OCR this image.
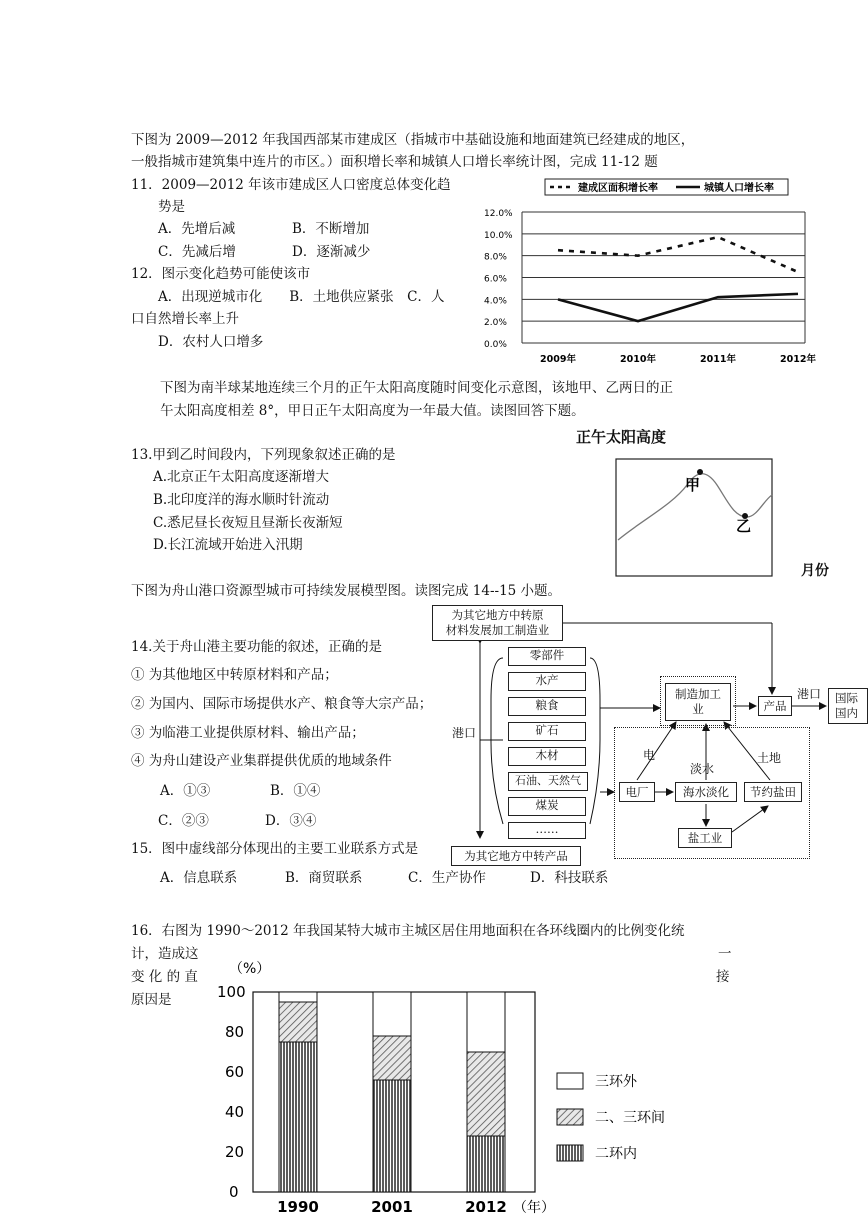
下图为 2009—2012 年我国西部某市建成区（指城市中基础设施和地面建筑已经建成的地区，
一般指城市建筑集中连片的市区。）面积增长率和城镇人口增长率统计图，完成 11-12 题
11．2009—2012 年该市建成区人口密度总体变化趋
势是
A．先增后减	B．不断增加
C．先减后增	D．逐渐减少
12．图示变化趋势可能使该市
A．出现逆城市化　　B．土地供应紧张　C．人
口自然增长率上升
D．农村人口增多
建成区面积增长率	城镇人口增长率
12.0%
10.0%
8.0%
6.0%
4.0%
2.0%
0.0%
2009年	2010年	2011年	2012年
下图为南半球某地连续三个月的正午太阳高度随时间变化示意图，该地甲、乙两日的正
午太阳高度相差 8°，甲日正午太阳高度为一年最大值。读图回答下题。
正午太阳高度
甲
乙
月份
13.甲到乙时间段内，下列现象叙述正确的是
A.北京正午太阳高度逐渐增大
B.北印度洋的海水顺时针流动
C.悉尼昼长夜短且昼渐长夜渐短
D.长江流域开始进入汛期
下图为舟山港口资源型城市可持续发展模型图。读图完成 14--15 小题。
14.关于舟山港主要功能的叙述，正确的是
① 为其他地区中转原材料和产品；
② 为国内、国际市场提供水产、粮食等大宗产品；
③ 为临港工业提供原材料、输出产品；
④ 为舟山建设产业集群提供优质的地域条件
A．①③	B．①④
C．②③	D．③④
15．图中虚线部分体现出的主要工业联系方式是
A．信息联系	B．商贸联系	C．生产协作	D．科技联系
为其它地方中转原
材料发展加工制造业
港口
零部件
水产
粮食
矿石
木材
石油、天然气
煤炭
……
为其它地方中转产品
制造加工
业	产品
港口 国际
国内
电厂	海水淡化	节约盐田
盐工业
电
淡水
土地
16．右图为 1990～2012 年我国某特大城市主城区居住用地面积在各环线圈内的比例变化统
计，造成这	一
变 化 的 直	接
原因是
（%）
100
80
60
40
20
0
1990	2001	2012
三环外
二、三环间
二环内
（年）
